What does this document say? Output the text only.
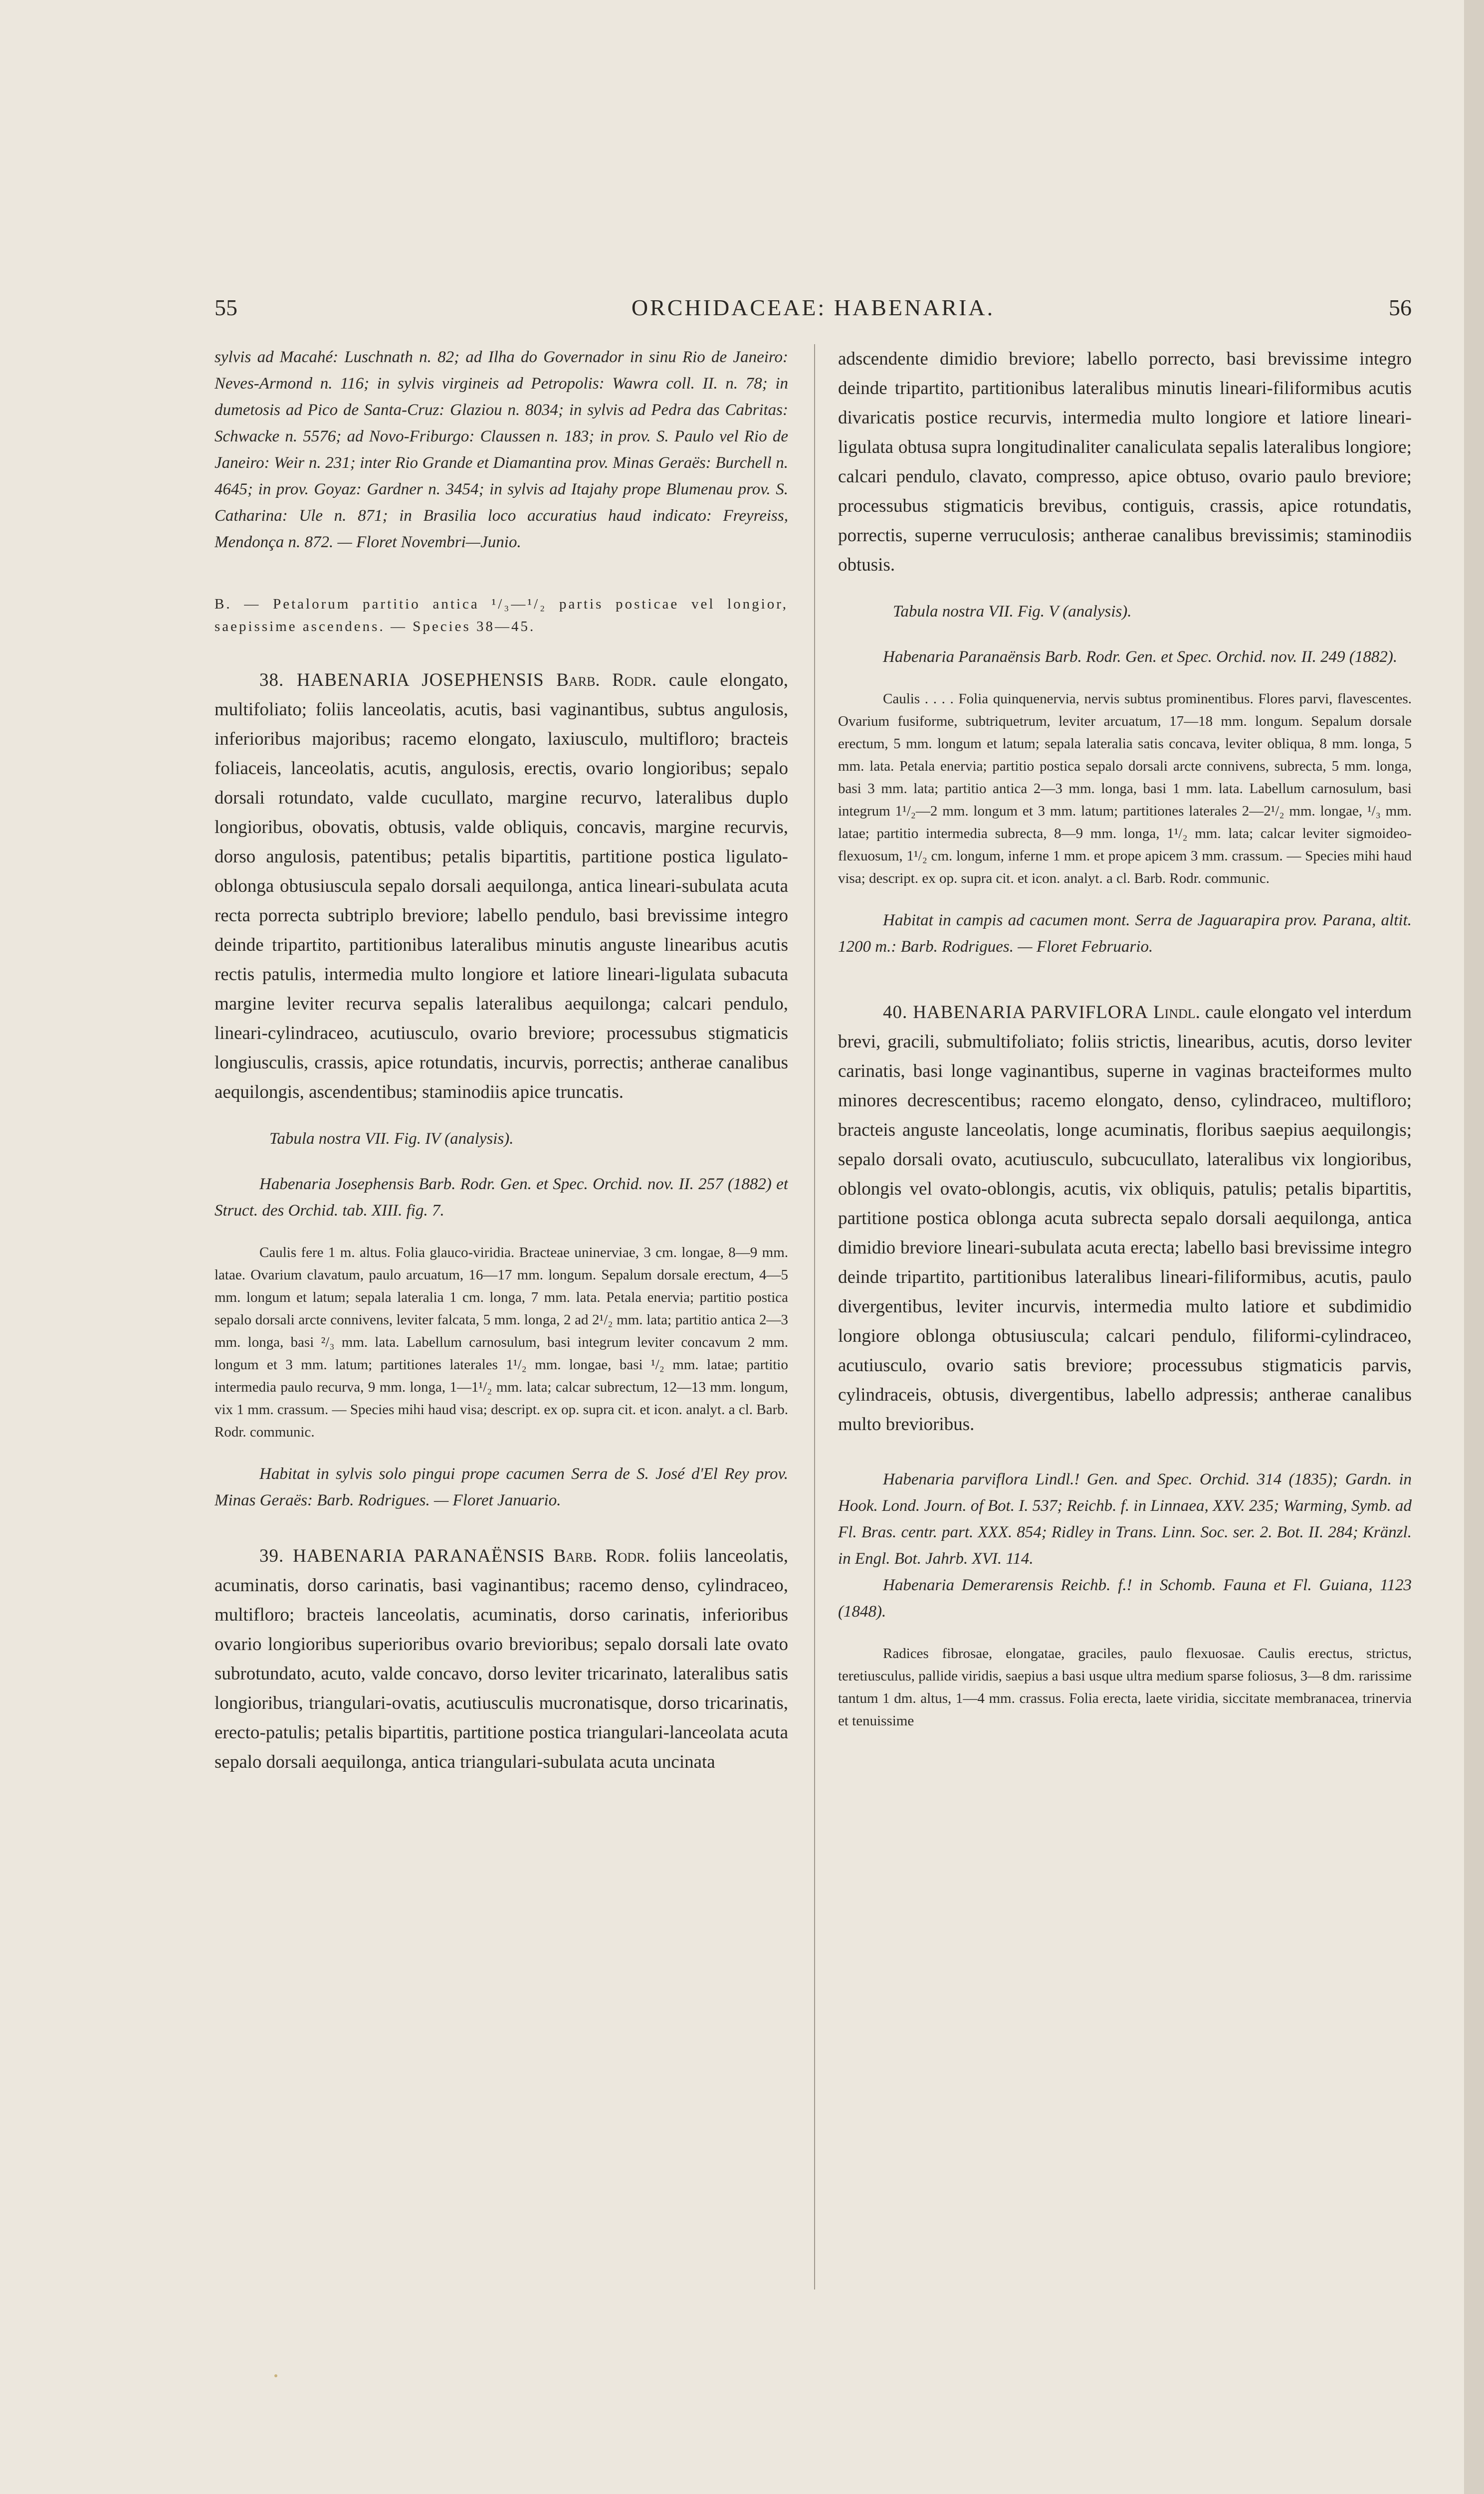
55	ORCHIDACEAE: HABENARIA.	56

sylvis ad Macahé: Luschnath n. 82; ad Ilha do Governador in sinu Rio de Janeiro: Neves-Armond n. 116; in sylvis virgineis ad Petropolis: Wawra coll. II. n. 78; in dumetosis ad Pico de Santa-Cruz: Glaziou n. 8034; in sylvis ad Pedra das Cabritas: Schwacke n. 5576; ad Novo-Friburgo: Claussen n. 183; in prov. S. Paulo vel Rio de Janeiro: Weir n. 231; inter Rio Grande et Diamantina prov. Minas Geraës: Burchell n. 4645; in prov. Goyaz: Gardner n. 3454; in sylvis ad Itajahy prope Blumenau prov. S. Catharina: Ule n. 871; in Brasilia loco accuratius haud indicato: Freyreiss, Mendonça n. 872. — Floret Novembri—Junio.

B. — Petalorum partitio antica ¹/₃—¹/₂ partis posticae vel longior, saepissime ascendens. — Species 38—45.

38. HABENARIA JOSEPHENSIS Barb. Rodr. caule elongato, multifoliato; foliis lanceolatis, acutis, basi vaginantibus, subtus angulosis, inferioribus majoribus; racemo elongato, laxiusculo, multifloro; bracteis foliaceis, lanceolatis, acutis, angulosis, erectis, ovario longioribus; sepalo dorsali rotundato, valde cucullato, margine recurvo, lateralibus duplo longioribus, obovatis, obtusis, valde obliquis, concavis, margine recurvis, dorso angulosis, patentibus; petalis bipartitis, partitione postica ligulato-oblonga obtusiuscula sepalo dorsali aequilonga, antica lineari-subulata acuta recta porrecta subtriplo breviore; labello pendulo, basi brevissime integro deinde tripartito, partitionibus lateralibus minutis anguste linearibus acutis rectis patulis, intermedia multo longiore et latiore lineari-ligulata subacuta margine leviter recurva sepalis lateralibus aequilonga; calcari pendulo, lineari-cylindraceo, acutiusculo, ovario breviore; processubus stigmaticis longiusculis, crassis, apice rotundatis, incurvis, porrectis; antherae canalibus aequilongis, ascendentibus; staminodiis apice truncatis.

Tabula nostra VII. Fig. IV (analysis).

Habenaria Josephensis Barb. Rodr. Gen. et Spec. Orchid. nov. II. 257 (1882) et Struct. des Orchid. tab. XIII. fig. 7.

Caulis fere 1 m. altus. Folia glauco-viridia. Bracteae uninerviae, 3 cm. longae, 8—9 mm. latae. Ovarium clavatum, paulo arcuatum, 16—17 mm. longum. Sepalum dorsale erectum, 4—5 mm. longum et latum; sepala lateralia 1 cm. longa, 7 mm. lata. Petala enervia; partitio postica sepalo dorsali arcte connivens, leviter falcata, 5 mm. longa, 2 ad 2¹/₂ mm. lata; partitio antica 2—3 mm. longa, basi ²/₃ mm. lata. Labellum carnosulum, basi integrum leviter concavum 2 mm. longum et 3 mm. latum; partitiones laterales 1¹/₂ mm. longae, basi ¹/₂ mm. latae; partitio intermedia paulo recurva, 9 mm. longa, 1—1¹/₂ mm. lata; calcar subrectum, 12—13 mm. longum, vix 1 mm. crassum. — Species mihi haud visa; descript. ex op. supra cit. et icon. analyt. a cl. Barb. Rodr. communic.

Habitat in sylvis solo pingui prope cacumen Serra de S. José d'El Rey prov. Minas Geraës: Barb. Rodrigues. — Floret Januario.

39. HABENARIA PARANAËNSIS Barb. Rodr. foliis lanceolatis, acuminatis, dorso carinatis, basi vaginantibus; racemo denso, cylindraceo, multifloro; bracteis lanceolatis, acuminatis, dorso carinatis, inferioribus ovario longioribus superioribus ovario brevioribus; sepalo dorsali late ovato subrotundato, acuto, valde concavo, dorso leviter tricarinato, lateralibus satis longioribus, triangulari-ovatis, acutiusculis mucronatisque, dorso tricarinatis, erecto-patulis; petalis bipartitis, partitione postica triangulari-lanceolata acuta sepalo dorsali aequilonga, antica triangulari-subulata acuta uncinata

adscendente dimidio breviore; labello porrecto, basi brevissime integro deinde tripartito, partitionibus lateralibus minutis lineari-filiformibus acutis divaricatis postice recurvis, intermedia multo longiore et latiore lineari-ligulata obtusa supra longitudinaliter canaliculata sepalis lateralibus longiore; calcari pendulo, clavato, compresso, apice obtuso, ovario paulo breviore; processubus stigmaticis brevibus, contiguis, crassis, apice rotundatis, porrectis, superne verruculosis; antherae canalibus brevissimis; staminodiis obtusis.

Tabula nostra VII. Fig. V (analysis).

Habenaria Paranaënsis Barb. Rodr. Gen. et Spec. Orchid. nov. II. 249 (1882).

Caulis . . . . Folia quinquenervia, nervis subtus prominentibus. Flores parvi, flavescentes. Ovarium fusiforme, subtriquetrum, leviter arcuatum, 17—18 mm. longum. Sepalum dorsale erectum, 5 mm. longum et latum; sepala lateralia satis concava, leviter obliqua, 8 mm. longa, 5 mm. lata. Petala enervia; partitio postica sepalo dorsali arcte connivens, subrecta, 5 mm. longa, basi 3 mm. lata; partitio antica 2—3 mm. longa, basi 1 mm. lata. Labellum carnosulum, basi integrum 1¹/₂—2 mm. longum et 3 mm. latum; partitiones laterales 2—2¹/₂ mm. longae, ¹/₃ mm. latae; partitio intermedia subrecta, 8—9 mm. longa, 1¹/₂ mm. lata; calcar leviter sigmoideo-flexuosum, 1¹/₂ cm. longum, inferne 1 mm. et prope apicem 3 mm. crassum. — Species mihi haud visa; descript. ex op. supra cit. et icon. analyt. a cl. Barb. Rodr. communic.

Habitat in campis ad cacumen mont. Serra de Jaguarapira prov. Parana, altit. 1200 m.: Barb. Rodrigues. — Floret Februario.

40. HABENARIA PARVIFLORA Lindl. caule elongato vel interdum brevi, gracili, submultifoliato; foliis strictis, linearibus, acutis, dorso leviter carinatis, basi longe vaginantibus, superne in vaginas bracteiformes multo minores decrescentibus; racemo elongato, denso, cylindraceo, multifloro; bracteis anguste lanceolatis, longe acuminatis, floribus saepius aequilongis; sepalo dorsali ovato, acutiusculo, subcucullato, lateralibus vix longioribus, oblongis vel ovato-oblongis, acutis, vix obliquis, patulis; petalis bipartitis, partitione postica oblonga acuta subrecta sepalo dorsali aequilonga, antica dimidio breviore lineari-subulata acuta erecta; labello basi brevissime integro deinde tripartito, partitionibus lateralibus lineari-filiformibus, acutis, paulo divergentibus, leviter incurvis, intermedia multo latiore et subdimidio longiore oblonga obtusiuscula; calcari pendulo, filiformi-cylindraceo, acutiusculo, ovario satis breviore; processubus stigmaticis parvis, cylindraceis, obtusis, divergentibus, labello adpressis; antherae canalibus multo brevioribus.

Habenaria parviflora Lindl.! Gen. and Spec. Orchid. 314 (1835); Gardn. in Hook. Lond. Journ. of Bot. I. 537; Reichb. f. in Linnaea, XXV. 235; Warming, Symb. ad Fl. Bras. centr. part. XXX. 854; Ridley in Trans. Linn. Soc. ser. 2. Bot. II. 284; Kränzl. in Engl. Bot. Jahrb. XVI. 114.

Habenaria Demerarensis Reichb. f.! in Schomb. Fauna et Fl. Guiana, 1123 (1848).

Radices fibrosae, elongatae, graciles, paulo flexuosae. Caulis erectus, strictus, teretiusculus, pallide viridis, saepius a basi usque ultra medium sparse foliosus, 3—8 dm. rarissime tantum 1 dm. altus, 1—4 mm. crassus. Folia erecta, laete viridia, siccitate membranacea, trinervia et tenuissime
